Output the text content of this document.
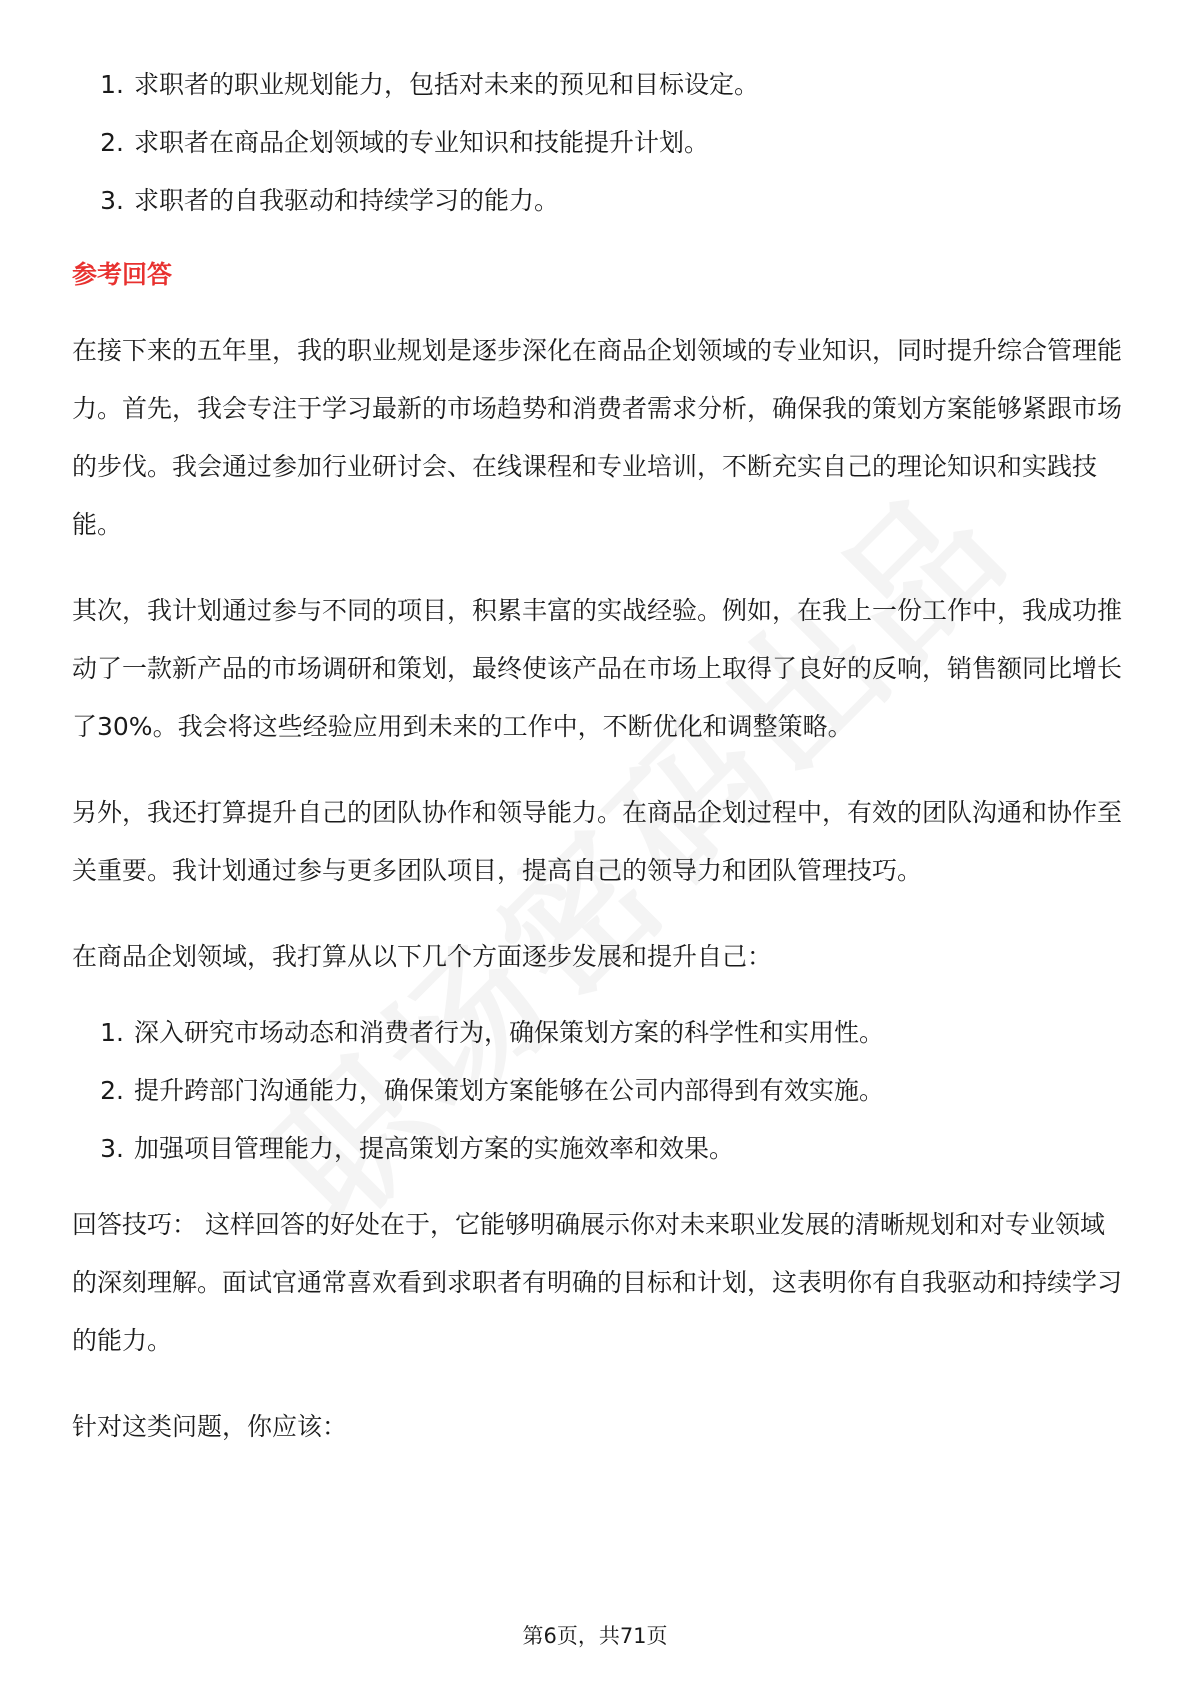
1. 求职者的职业规划能力，包括对未来的预见和目标设定。
2. 求职者在商品企划领域的专业知识和技能提升计划。
3. 求职者的自我驱动和持续学习的能力。
参考回答

在接下来的五年里，我的职业规划是逐步深化在商品企划领域的专业知识，同时提升综合管理能力。首先，我会专注于学习最新的市场趋势和消费者需求分析，确保我的策划方案能够紧跟市场的步伐。我会通过参加行业研讨会、在线课程和专业培训，不断充实自己的理论知识和实践技能。

其次，我计划通过参与不同的项目，积累丰富的实战经验。例如，在我上一份工作中，我成功推动了一款新产品的市场调研和策划，最终使该产品在市场上取得了良好的反响，销售额同比增长了30%。我会将这些经验应用到未来的工作中，不断优化和调整策略。

另外，我还打算提升自己的团队协作和领导能力。在商品企划过程中，有效的团队沟通和协作至关重要。我计划通过参与更多团队项目，提高自己的领导力和团队管理技巧。

在商品企划领域，我打算从以下几个方面逐步发展和提升自己：

1. 深入研究市场动态和消费者行为，确保策划方案的科学性和实用性。
2. 提升跨部门沟通能力，确保策划方案能够在公司内部得到有效实施。
3. 加强项目管理能力，提高策划方案的实施效率和效果。

回答技巧： 这样回答的好处在于，它能够明确展示你对未来职业发展的清晰规划和对专业领域的深刻理解。面试官通常喜欢看到求职者有明确的目标和计划，这表明你有自我驱动和持续学习的能力。

针对这类问题，你应该：

第6页，共71页
